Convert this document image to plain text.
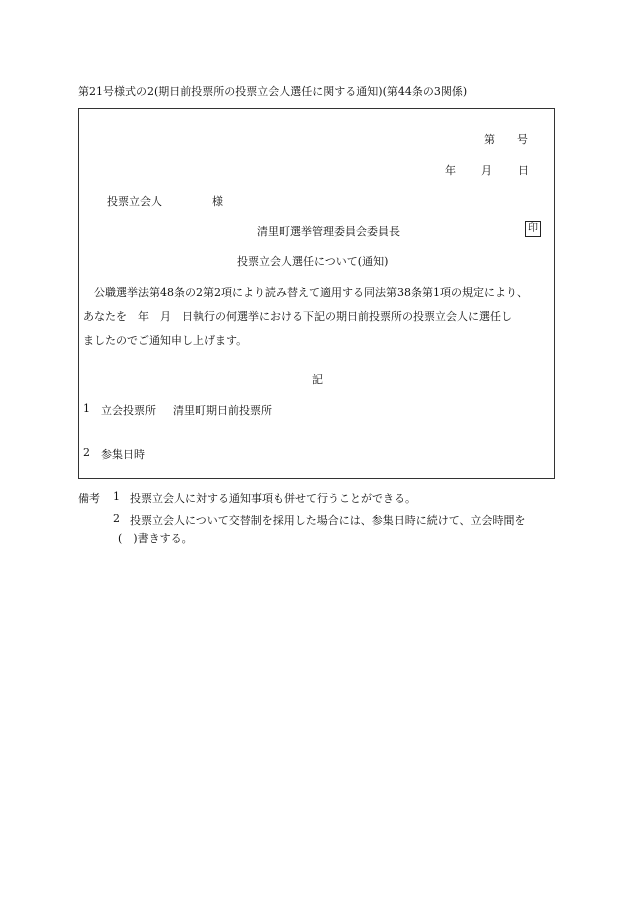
第21号様式の2(期日前投票所の投票立会人選任に関する通知)(第44条の3関係)
第 号
年 月 日
投票立会人	様
清里町選挙管理委員会委員長	印
投票立会人選任について(通知)

公職選挙法第48条の2第2項により読み替えて適用する同法第38条第1項の規定により、

あなたを　年　月　日執行の何選挙における下記の期日前投票所の投票立会人に選任し

ましたのでご通知申し上げます。

記
1 立会投票所 清里町期日前投票所
2 参集日時
備考 1 投票立会人に対する通知事項も併せて行うことができる。
2 投票立会人について交替制を採用した場合には、参集日時に続けて、立会時間を
(　)書きする。
